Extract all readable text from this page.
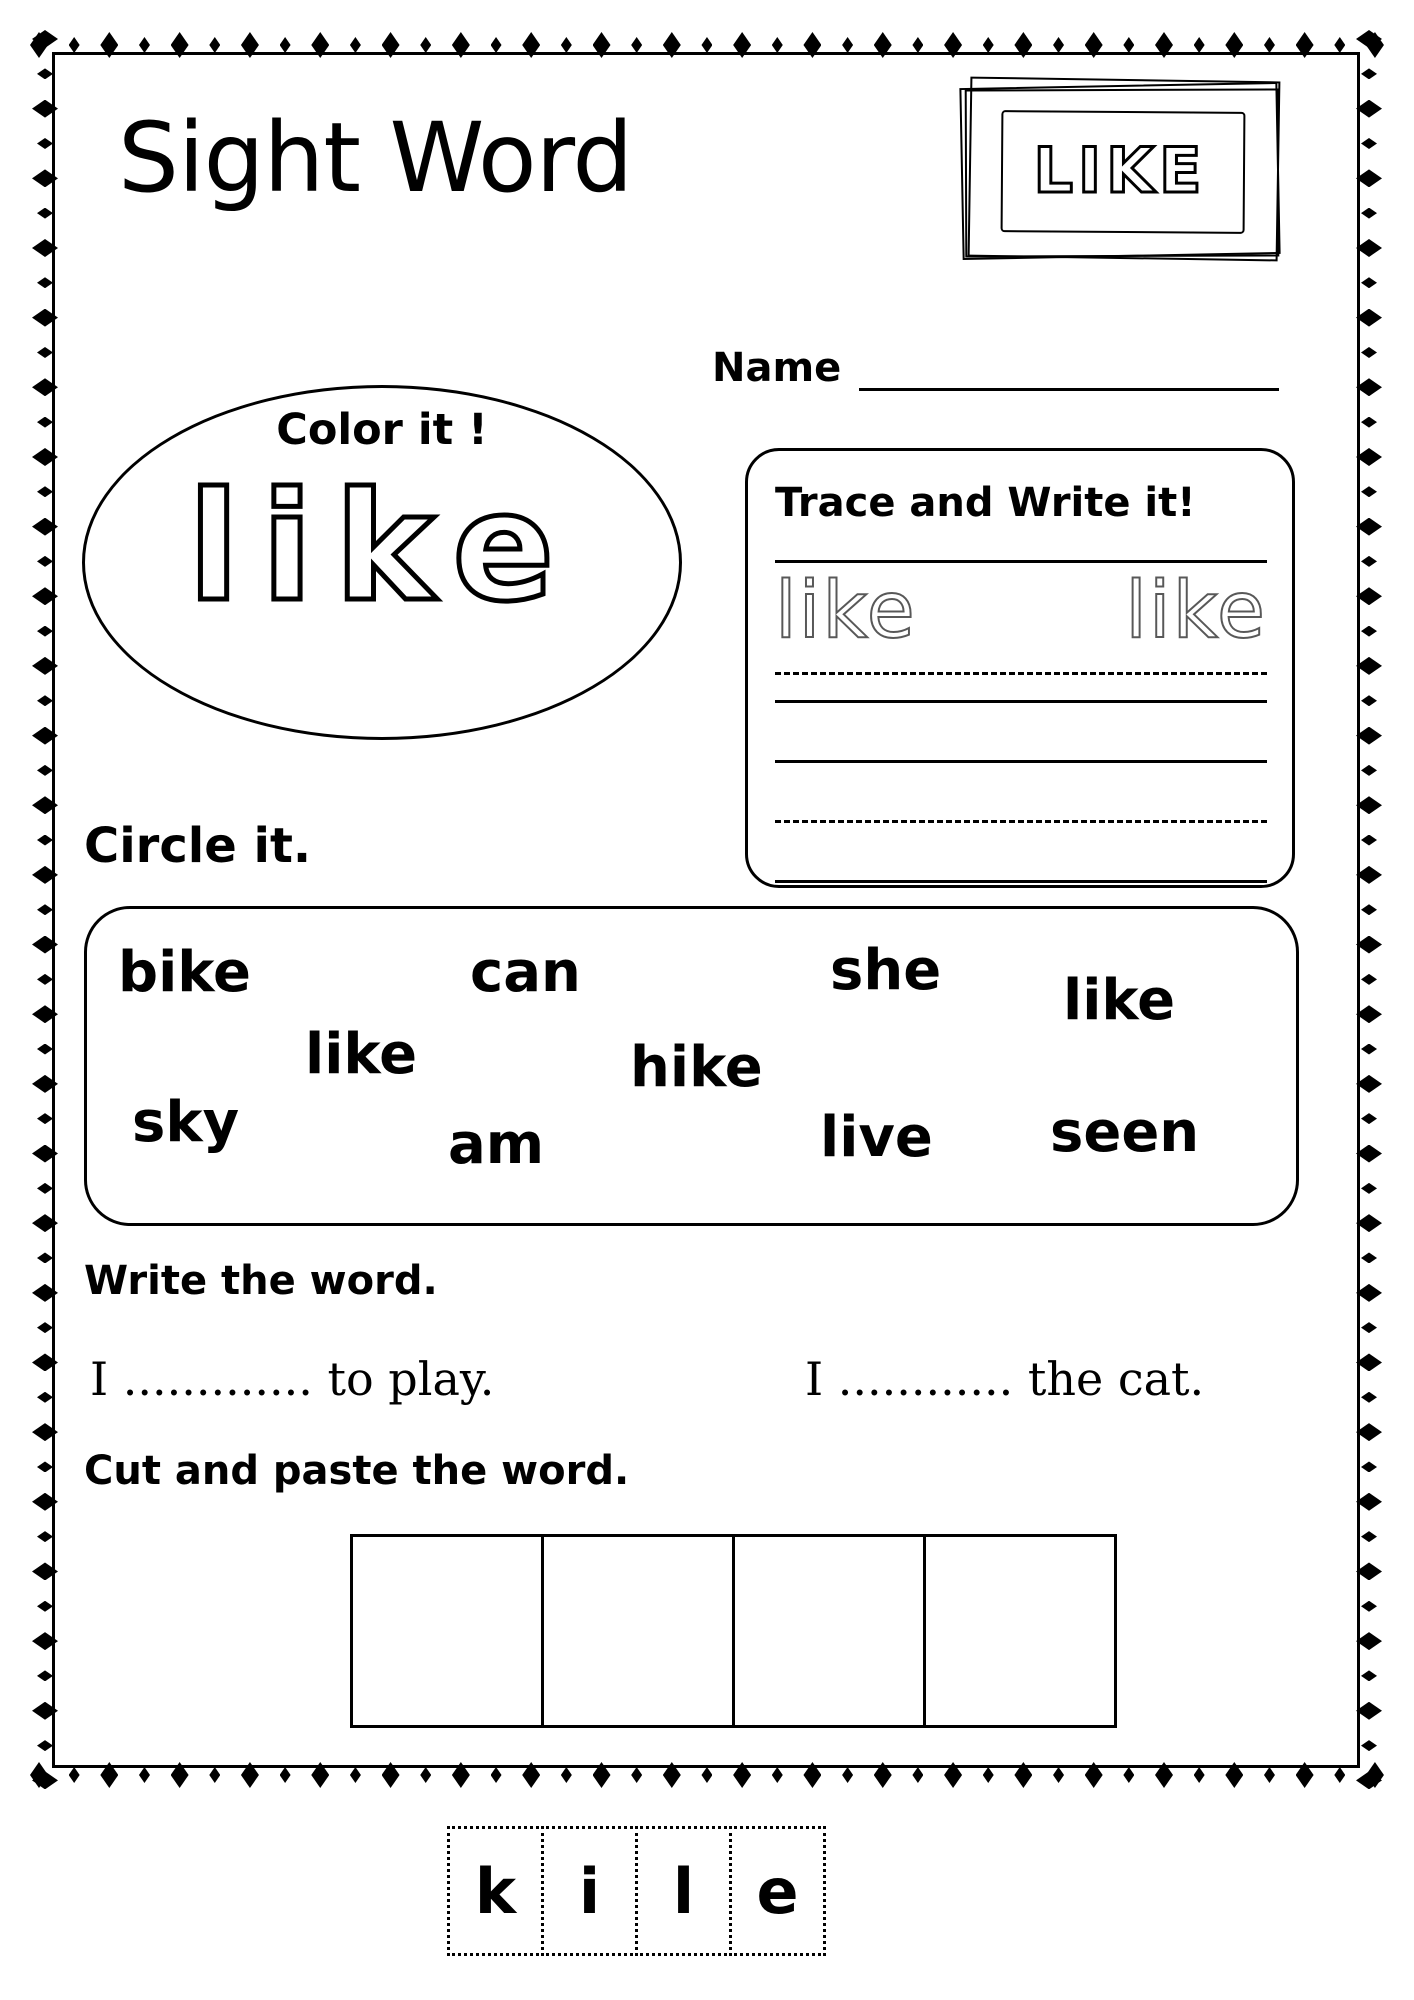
Sight Word	LIKE
Name
Color it !
like	Trace and Write it!
like	like
Circle it.
bike	can	she like
like	hike
sky	am	live seen
Write the word.
I ............. to play.	I ............ the cat.
Cut and paste the word.
k	i	l	e
